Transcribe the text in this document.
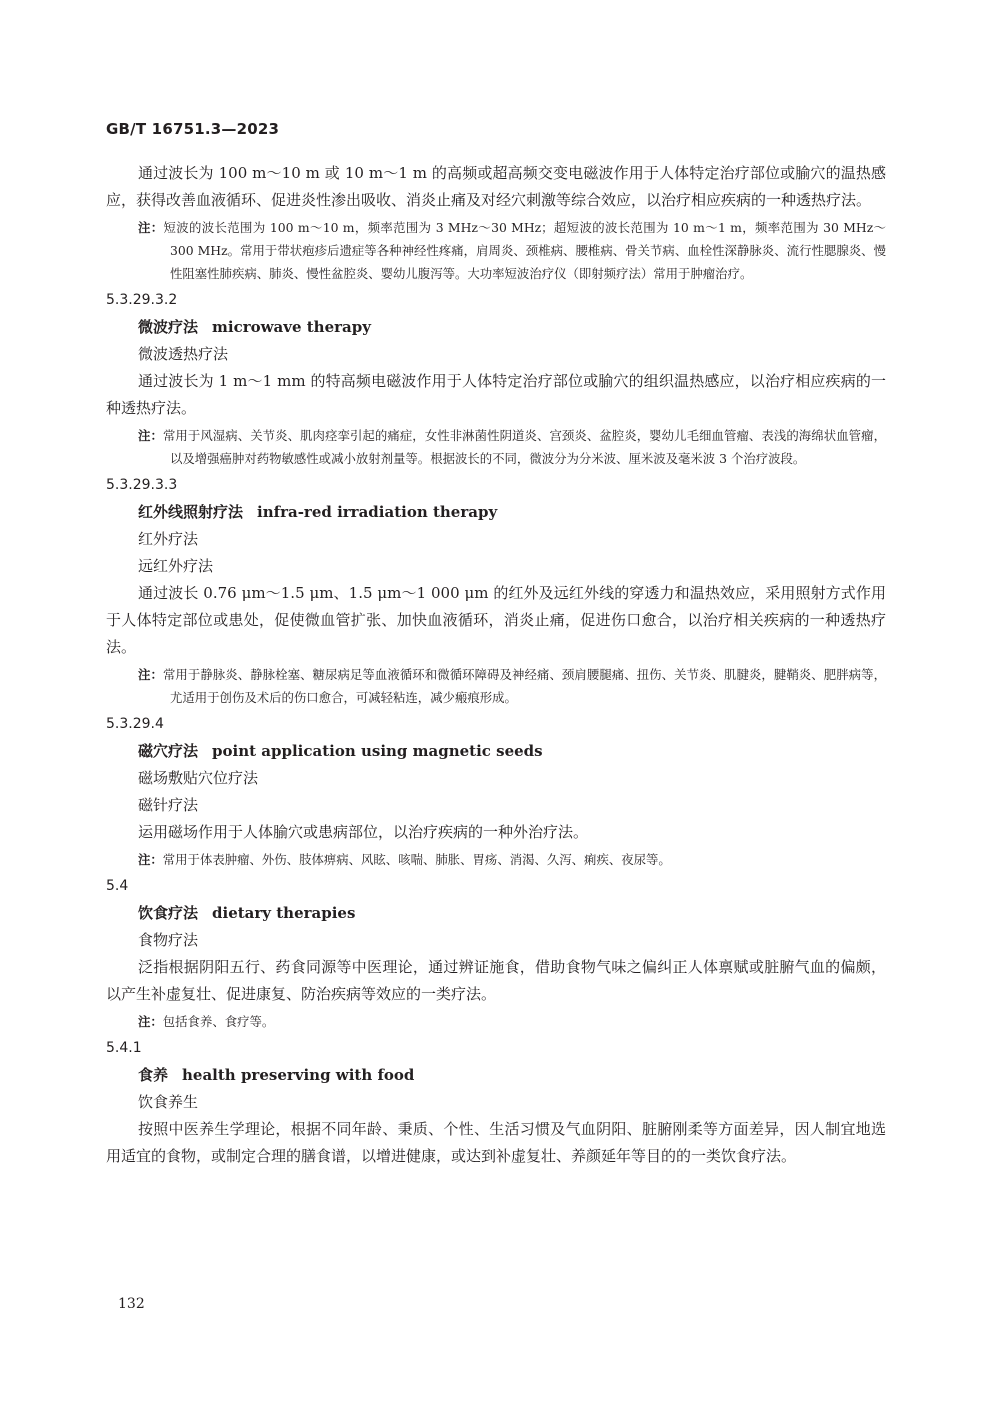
GB/T 16751.3—2023
通过波长为 100 m～10 m 或 10 m～1 m 的高频或超高频交变电磁波作用于人体特定治疗部位或腧穴的温热感应，获得改善血液循环、促进炎性渗出吸收、消炎止痛及对经穴刺激等综合效应，以治疗相应疾病的一种透热疗法。
注：短波的波长范围为 100 m～10 m，频率范围为 3 MHz～30 MHz；超短波的波长范围为 10 m～1 m，频率范围为 30 MHz～300 MHz。常用于带状疱疹后遗症等各种神经性疼痛，肩周炎、颈椎病、腰椎病、骨关节病、血栓性深静脉炎、流行性腮腺炎、慢性阻塞性肺疾病、肺炎、慢性盆腔炎、婴幼儿腹泻等。大功率短波治疗仪（即射频疗法）常用于肿瘤治疗。
5.3.29.3.2
微波疗法 microwave therapy
微波透热疗法
通过波长为 1 m～1 mm 的特高频电磁波作用于人体特定治疗部位或腧穴的组织温热感应，以治疗相应疾病的一种透热疗法。
注：常用于风湿病、关节炎、肌肉痉挛引起的痛症，女性非淋菌性阴道炎、宫颈炎、盆腔炎，婴幼儿毛细血管瘤、表浅的海绵状血管瘤，以及增强癌肿对药物敏感性或减小放射剂量等。根据波长的不同，微波分为分米波、厘米波及毫米波 3 个治疗波段。
5.3.29.3.3
红外线照射疗法 infra-red irradiation therapy
红外疗法
远红外疗法
通过波长 0.76 μm～1.5 μm、1.5 μm～1 000 μm 的红外及远红外线的穿透力和温热效应，采用照射方式作用于人体特定部位或患处，促使微血管扩张、加快血液循环，消炎止痛，促进伤口愈合，以治疗相关疾病的一种透热疗法。
注：常用于静脉炎、静脉栓塞、糖尿病足等血液循环和微循环障碍及神经痛、颈肩腰腿痛、扭伤、关节炎、肌腱炎，腱鞘炎、肥胖病等，尤适用于创伤及术后的伤口愈合，可减轻粘连，减少瘢痕形成。
5.3.29.4
磁穴疗法 point application using magnetic seeds
磁场敷贴穴位疗法
磁针疗法
运用磁场作用于人体腧穴或患病部位，以治疗疾病的一种外治疗法。
注：常用于体表肿瘤、外伤、肢体痹病、风眩、咳喘、肺胀、胃疡、消渴、久泻、痢疾、夜尿等。
5.4
饮食疗法 dietary therapies
食物疗法
泛指根据阴阳五行、药食同源等中医理论，通过辨证施食，借助食物气味之偏纠正人体禀赋或脏腑气血的偏颇，以产生补虚复壮、促进康复、防治疾病等效应的一类疗法。
注：包括食养、食疗等。
5.4.1
食养 health preserving with food
饮食养生
按照中医养生学理论，根据不同年龄、秉质、个性、生活习惯及气血阴阳、脏腑刚柔等方面差异，因人制宜地选用适宜的食物，或制定合理的膳食谱，以增进健康，或达到补虚复壮、养颜延年等目的的一类饮食疗法。
132
